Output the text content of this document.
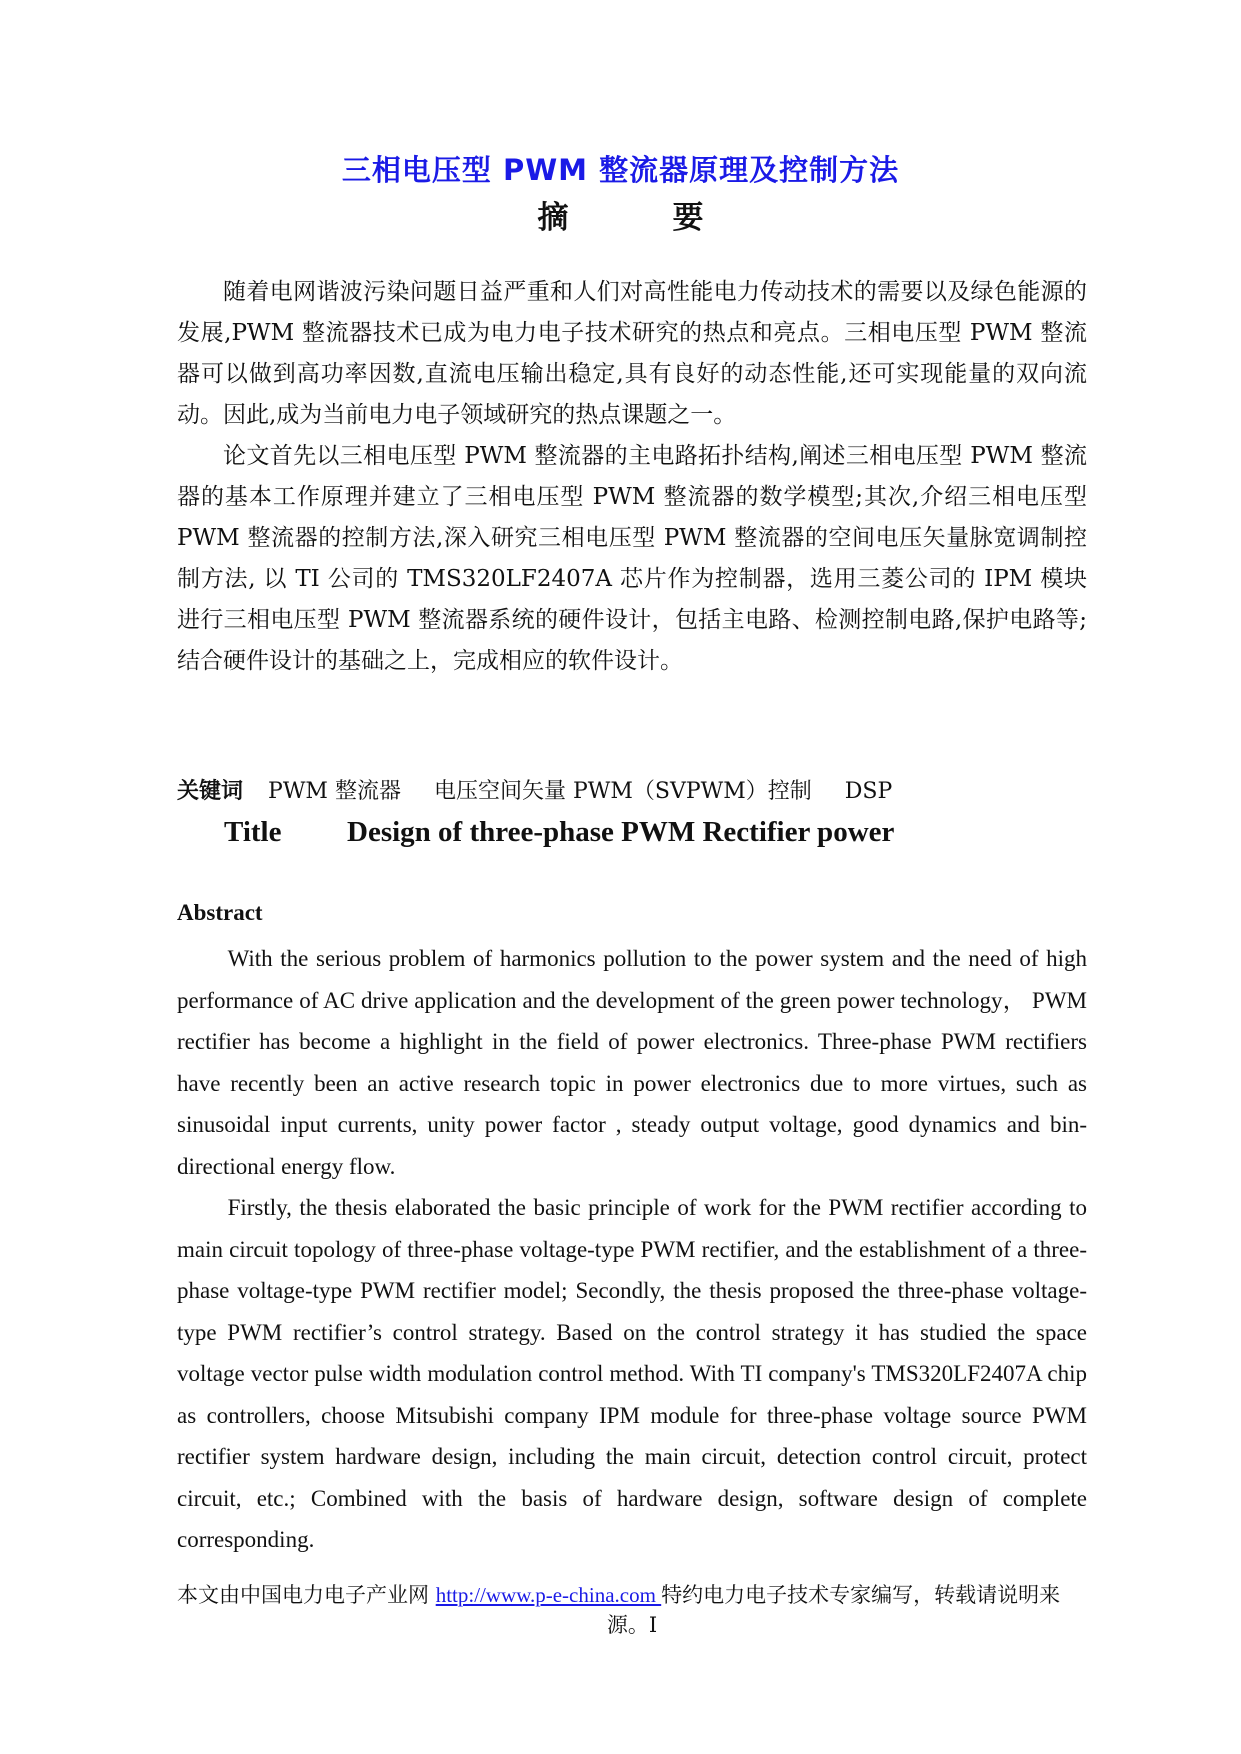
三相电压型 PWM 整流器原理及控制方法
摘	要

随着电网谐波污染问题日益严重和人们对高性能电力传动技术的需要以及绿色能源的发展,PWM 整流器技术已成为电力电子技术研究的热点和亮点。三相电压型 PWM 整流器可以做到高功率因数,直流电压输出稳定,具有良好的动态性能,还可实现能量的双向流动。因此,成为当前电力电子领域研究的热点课题之一。

论文首先以三相电压型 PWM 整流器的主电路拓扑结构,阐述三相电压型 PWM 整流器的基本工作原理并建立了三相电压型 PWM 整流器的数学模型;其次,介绍三相电压型 PWM 整流器的控制方法,深入研究三相电压型 PWM 整流器的空间电压矢量脉宽调制控制方法, 以 TI 公司的 TMS320LF2407A 芯片作为控制器，选用三菱公司的 IPM 模块进行三相电压型 PWM 整流器系统的硬件设计，包括主电路、检测控制电路,保护电路等;结合硬件设计的基础之上，完成相应的软件设计。

关键词 PWM 整流器 电压空间矢量 PWM（SVPWM）控制 DSP
Title Design of three-phase PWM Rectifier power
Abstract

With the serious problem of harmonics pollution to the power system and the need of high performance of AC drive application and the development of the green power technology， PWM rectifier has become a highlight in the field of power electronics. Three-phase PWM rectifiers have recently been an active research topic in power electronics due to more virtues, such as sinusoidal input currents, unity power factor , steady output voltage, good dynamics and bin-directional energy flow.

Firstly, the thesis elaborated the basic principle of work for the PWM rectifier according to main circuit topology of three-phase voltage-type PWM rectifier, and the establishment of a three-phase voltage-type PWM rectifier model; Secondly, the thesis proposed the three-phase voltage-type PWM rectifier’s control strategy. Based on the control strategy it has studied the space voltage vector pulse width modulation control method. With TI company's TMS320LF2407A chip as controllers, choose Mitsubishi company IPM module for three-phase voltage source PWM rectifier system hardware design, including the main circuit, detection control circuit, protect circuit, etc.; Combined with the basis of hardware design, software design of complete corresponding.

本文由中国电力电子产业网 http://www.p-e-china.com 特约电力电子技术专家编写，转载请说明来
源。I
